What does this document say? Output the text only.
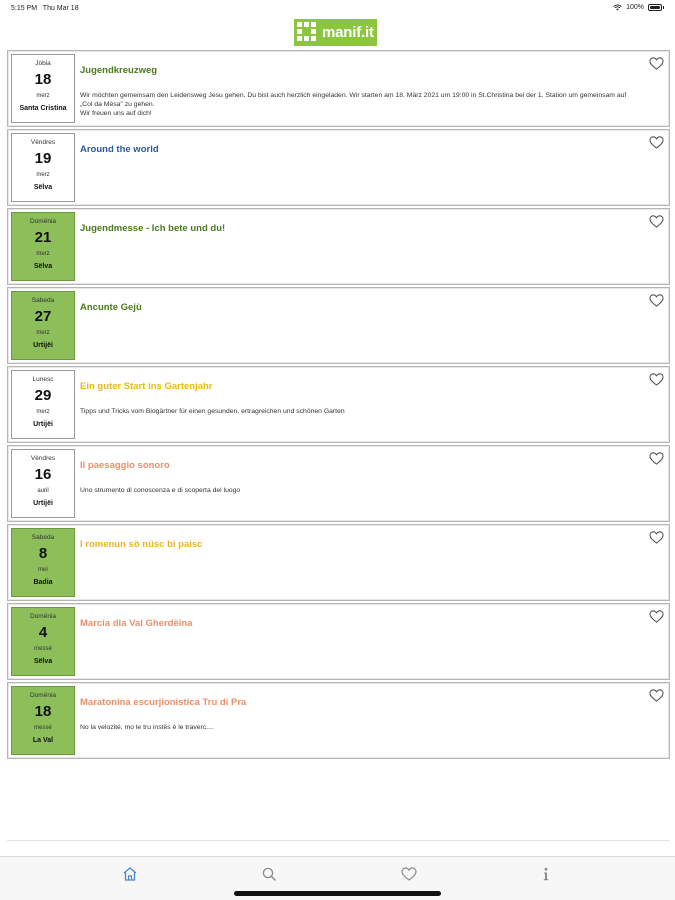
5:15 PM Thu Mar 18	100%
manif.it
Jöbia
18
merz
Santa Cristina
Jugendkreuzweg
Wir möchten gemeinsam den Leidensweg Jesu gehen. Du bist auch herzlich eingeladen. Wir starten am 18. März 2021 um 19:00 in St.Christina bei der 1. Station um gemeinsam auf „Col da Mësa" zu gehen.
Wir freuen uns auf dich!
Vëndres
19
merz
Sëlva
Around the world
Domënia
21
merz
Sëlva
Jugendmesse - Ich bete und du!
Sabeda
27
merz
Urtijëi
Ancunte Gejù
Lunesc
29
merz
Urtijëi
Ein guter Start ins Gartenjahr
Tipps und Tricks vom Biogärtner für einen gesunden, ertragreichen und schönen Garten
Vëndres
16
auril
Urtijëi
Il paesaggio sonoro
Uno strumento di conoscenza e di scoperta del luogo
Sabeda
8
mei
Badia
I romenun sö nüsc bi paisc
Domënia
4
messé
Sëlva
Marcia dla Val Gherdëina
Domënia
18
messé
La Val
Maratonina escurjionistica Tru di Pra
No la velozité, mo le tru instës é le traverc....
